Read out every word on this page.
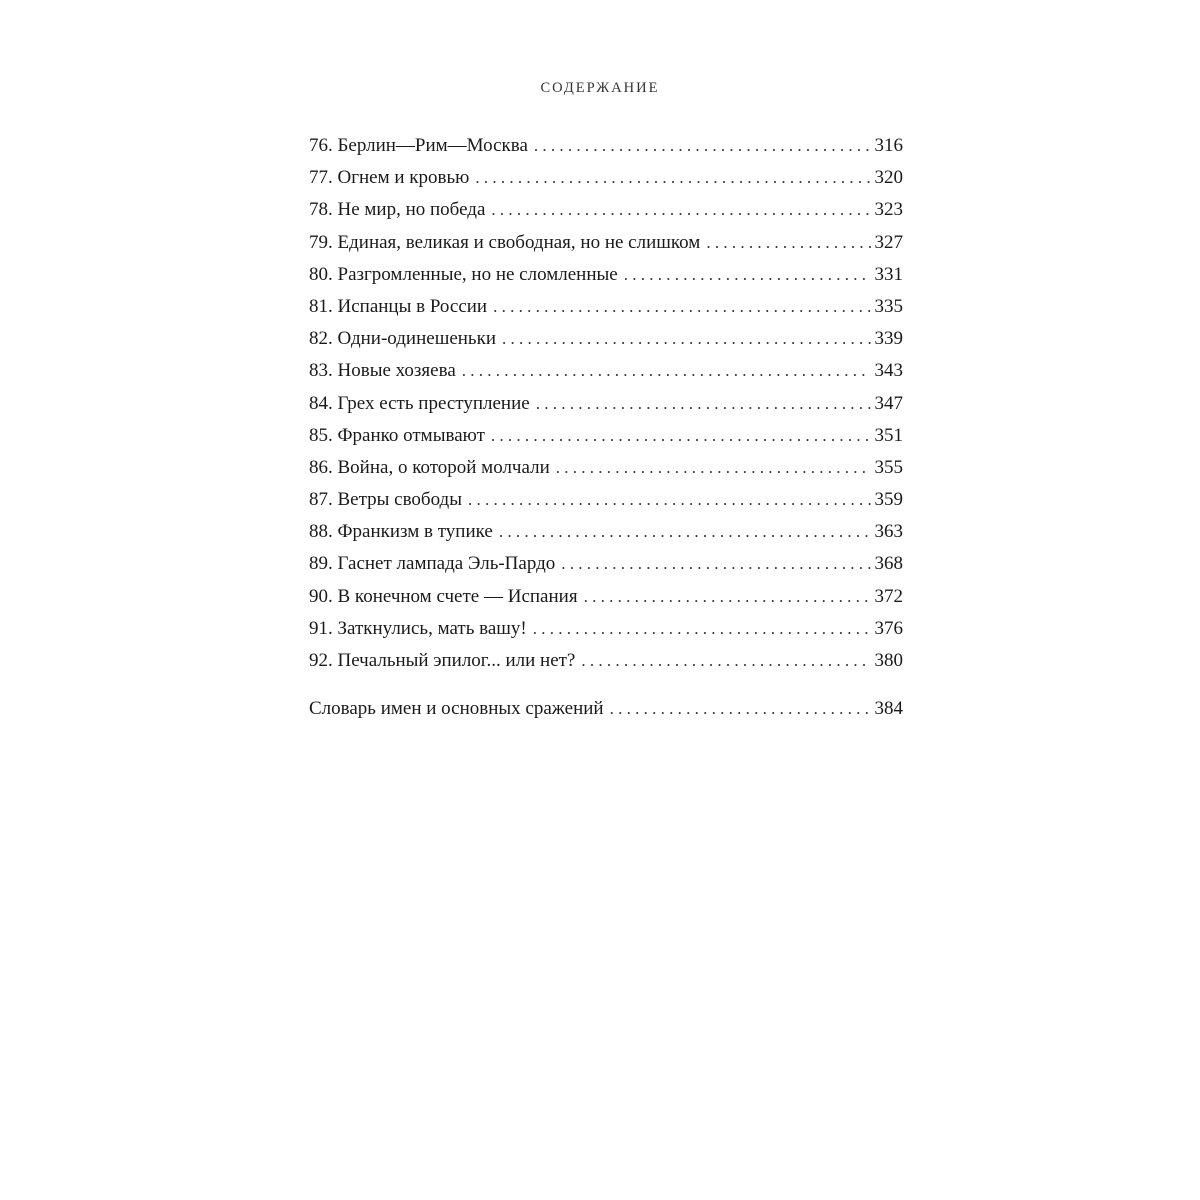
СОДЕРЖАНИЕ
76. Берлин—Рим—Москва . . .	316
77. Огнем и кровью . . .	320
78. Не мир, но победа . . .	323
79. Единая, великая и свободная, но не слишком . . .	327
80. Разгромленные, но не сломленные . . .	331
81. Испанцы в России . . .	335
82. Одни-одинешеньки . . .	339
83. Новые хозяева . . .	343
84. Грех есть преступление . . .	347
85. Франко отмывают . . .	351
86. Война, о которой молчали . . .	355
87. Ветры свободы . . .	359
88. Франкизм в тупике . . .	363
89. Гаснет лампада Эль-Пардо . . .	368
90. В конечном счете — Испания . . .	372
91. Заткнулись, мать вашу! . . .	376
92. Печальный эпилог... или нет? . . .	380
Словарь имен и основных сражений . . .	384
